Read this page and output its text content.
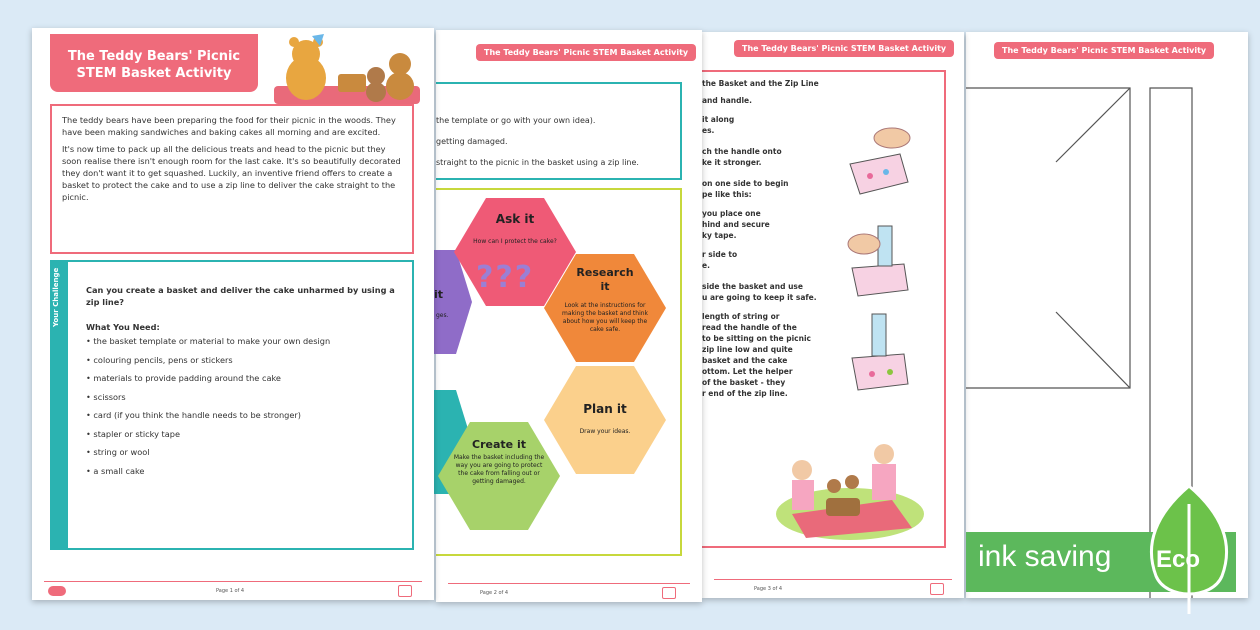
The Teddy Bears' Picnic STEM Basket Activity
The Teddy Bears' Picnic STEM Basket Activity
the Basket and the Zip Line
and handle.
it along
es.
ch the handle onto
ke it stronger.
on one side to begin
pe like this:
you place one
hind and secure
ky tape.
r side to
e.
side the basket and use
u are going to keep it safe.
length of string or
read the handle of the
to be sitting on the picnic
zip line low and quite
basket and the cake
ottom. Let the helper
of the basket - they
r end of the zip line.
Page 3 of 4
The Teddy Bears' Picnic STEM Basket Activity
the template or go with your own idea).
getting damaged.
straight to the picnic in the basket using a zip line.
Ask it
How can I protect the cake?
???	Research it
Look at the instructions for making the basket and think about how you will keep the cake safe.
Plan it
Draw your ideas.
Create it
Make the basket including the way you are going to protect the cake from falling out or getting damaged.
it
ges.
Page 2 of 4
The Teddy Bears' Picnic STEM Basket Activity

The teddy bears have been preparing the food for their picnic in the woods. They have been making sandwiches and baking cakes all morning and are excited.

It's now time to pack up all the delicious treats and head to the picnic but they soon realise there isn't enough room for the last cake. It's so beautifully decorated they don't want it to get squashed. Luckily, an inventive friend offers to create a basket to protect the cake and to use a zip line to deliver the cake straight to the picnic.

Your Challenge	Can you create a basket and deliver the cake unharmed by using a zip line?
What You Need:
• the basket template or material to make your own design
• colouring pencils, pens or stickers
• materials to provide padding around the cake
• scissors
• card (if you think the handle needs to be stronger)
• stapler or sticky tape
• string or wool
• a small cake
Page 1 of 4
ink saving Eco
